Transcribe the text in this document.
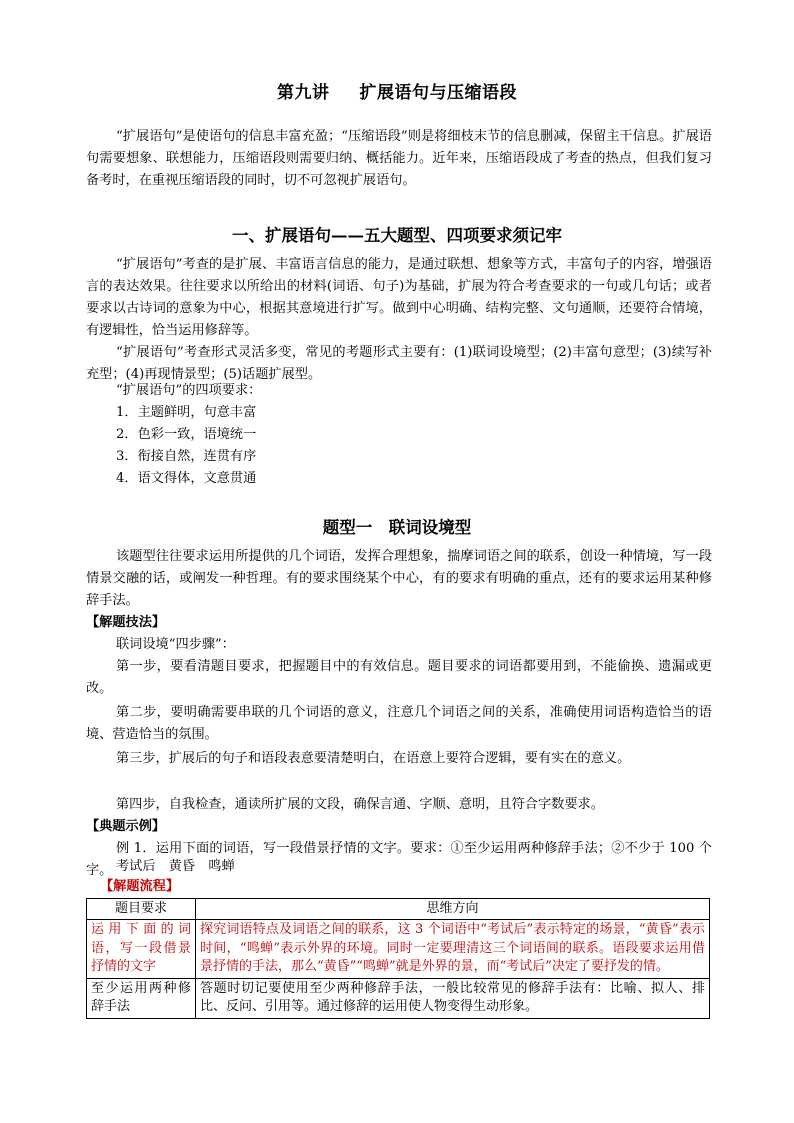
第九讲 扩展语句与压缩语段

“扩展语句”是使语句的信息丰富充盈；“压缩语段”则是将细枝末节的信息删减，保留主干信息。扩展语句需要想象、联想能力，压缩语段则需要归纳、概括能力。近年来，压缩语段成了考查的热点，但我们复习备考时，在重视压缩语段的同时，切不可忽视扩展语句。

一、扩展语句——五大题型、四项要求须记牢

“扩展语句”考查的是扩展、丰富语言信息的能力，是通过联想、想象等方式，丰富句子的内容，增强语言的表达效果。往往要求以所给出的材料(词语、句子)为基础，扩展为符合考查要求的一句或几句话；或者要求以古诗词的意象为中心，根据其意境进行扩写。做到中心明确、结构完整、文句通顺，还要符合情境，有逻辑性，恰当运用修辞等。

“扩展语句”考查形式灵活多变，常见的考题形式主要有：(1)联词设境型；(2)丰富句意型；(3)续写补充型；(4)再现情景型；(5)话题扩展型。

“扩展语句”的四项要求：
1．主题鲜明，句意丰富
2．色彩一致，语境统一
3．衔接自然，连贯有序
4．语文得体，文意贯通
题型一　联词设境型

该题型往往要求运用所提供的几个词语，发挥合理想象，揣摩词语之间的联系，创设一种情境，写一段情景交融的话，或阐发一种哲理。有的要求围绕某个中心，有的要求有明确的重点，还有的要求运用某种修辞手法。

【解题技法】
联词设境“四步骤”：

第一步，要看清题目要求，把握题目中的有效信息。题目要求的词语都要用到，不能偷换、遗漏或更改。

第二步，要明确需要串联的几个词语的意义，注意几个词语之间的关系，准确使用词语构造恰当的语境、营造恰当的氛围。

第三步，扩展后的句子和语段表意要清楚明白，在语意上要符合逻辑，要有实在的意义。

第四步，自我检查，通读所扩展的文段，确保言通、字顺、意明，且符合字数要求。

【典题示例】

例 1．运用下面的词语，写一段借景抒情的文字。要求：①至少运用两种修辞手法；②不少于 100 个字。 考试后　黄昏　鸣蝉
【解题流程】
题目要求	思维方向
运用下面的词语，写一段借景抒情的文字	探究词语特点及词语之间的联系，这 3 个词语中“考试后”表示特定的场景，“黄昏”表示时间，“鸣蝉”表示外界的环境。同时一定要理清这三个词语间的联系。语段要求运用借景抒情的手法，那么“黄昏”“鸣蝉”就是外界的景，而“考试后”决定了要抒发的情。
至少运用两种修辞手法	答题时切记要使用至少两种修辞手法，一般比较常见的修辞手法有：比喻、拟人、排比、反问、引用等。通过修辞的运用使人物变得生动形象。
